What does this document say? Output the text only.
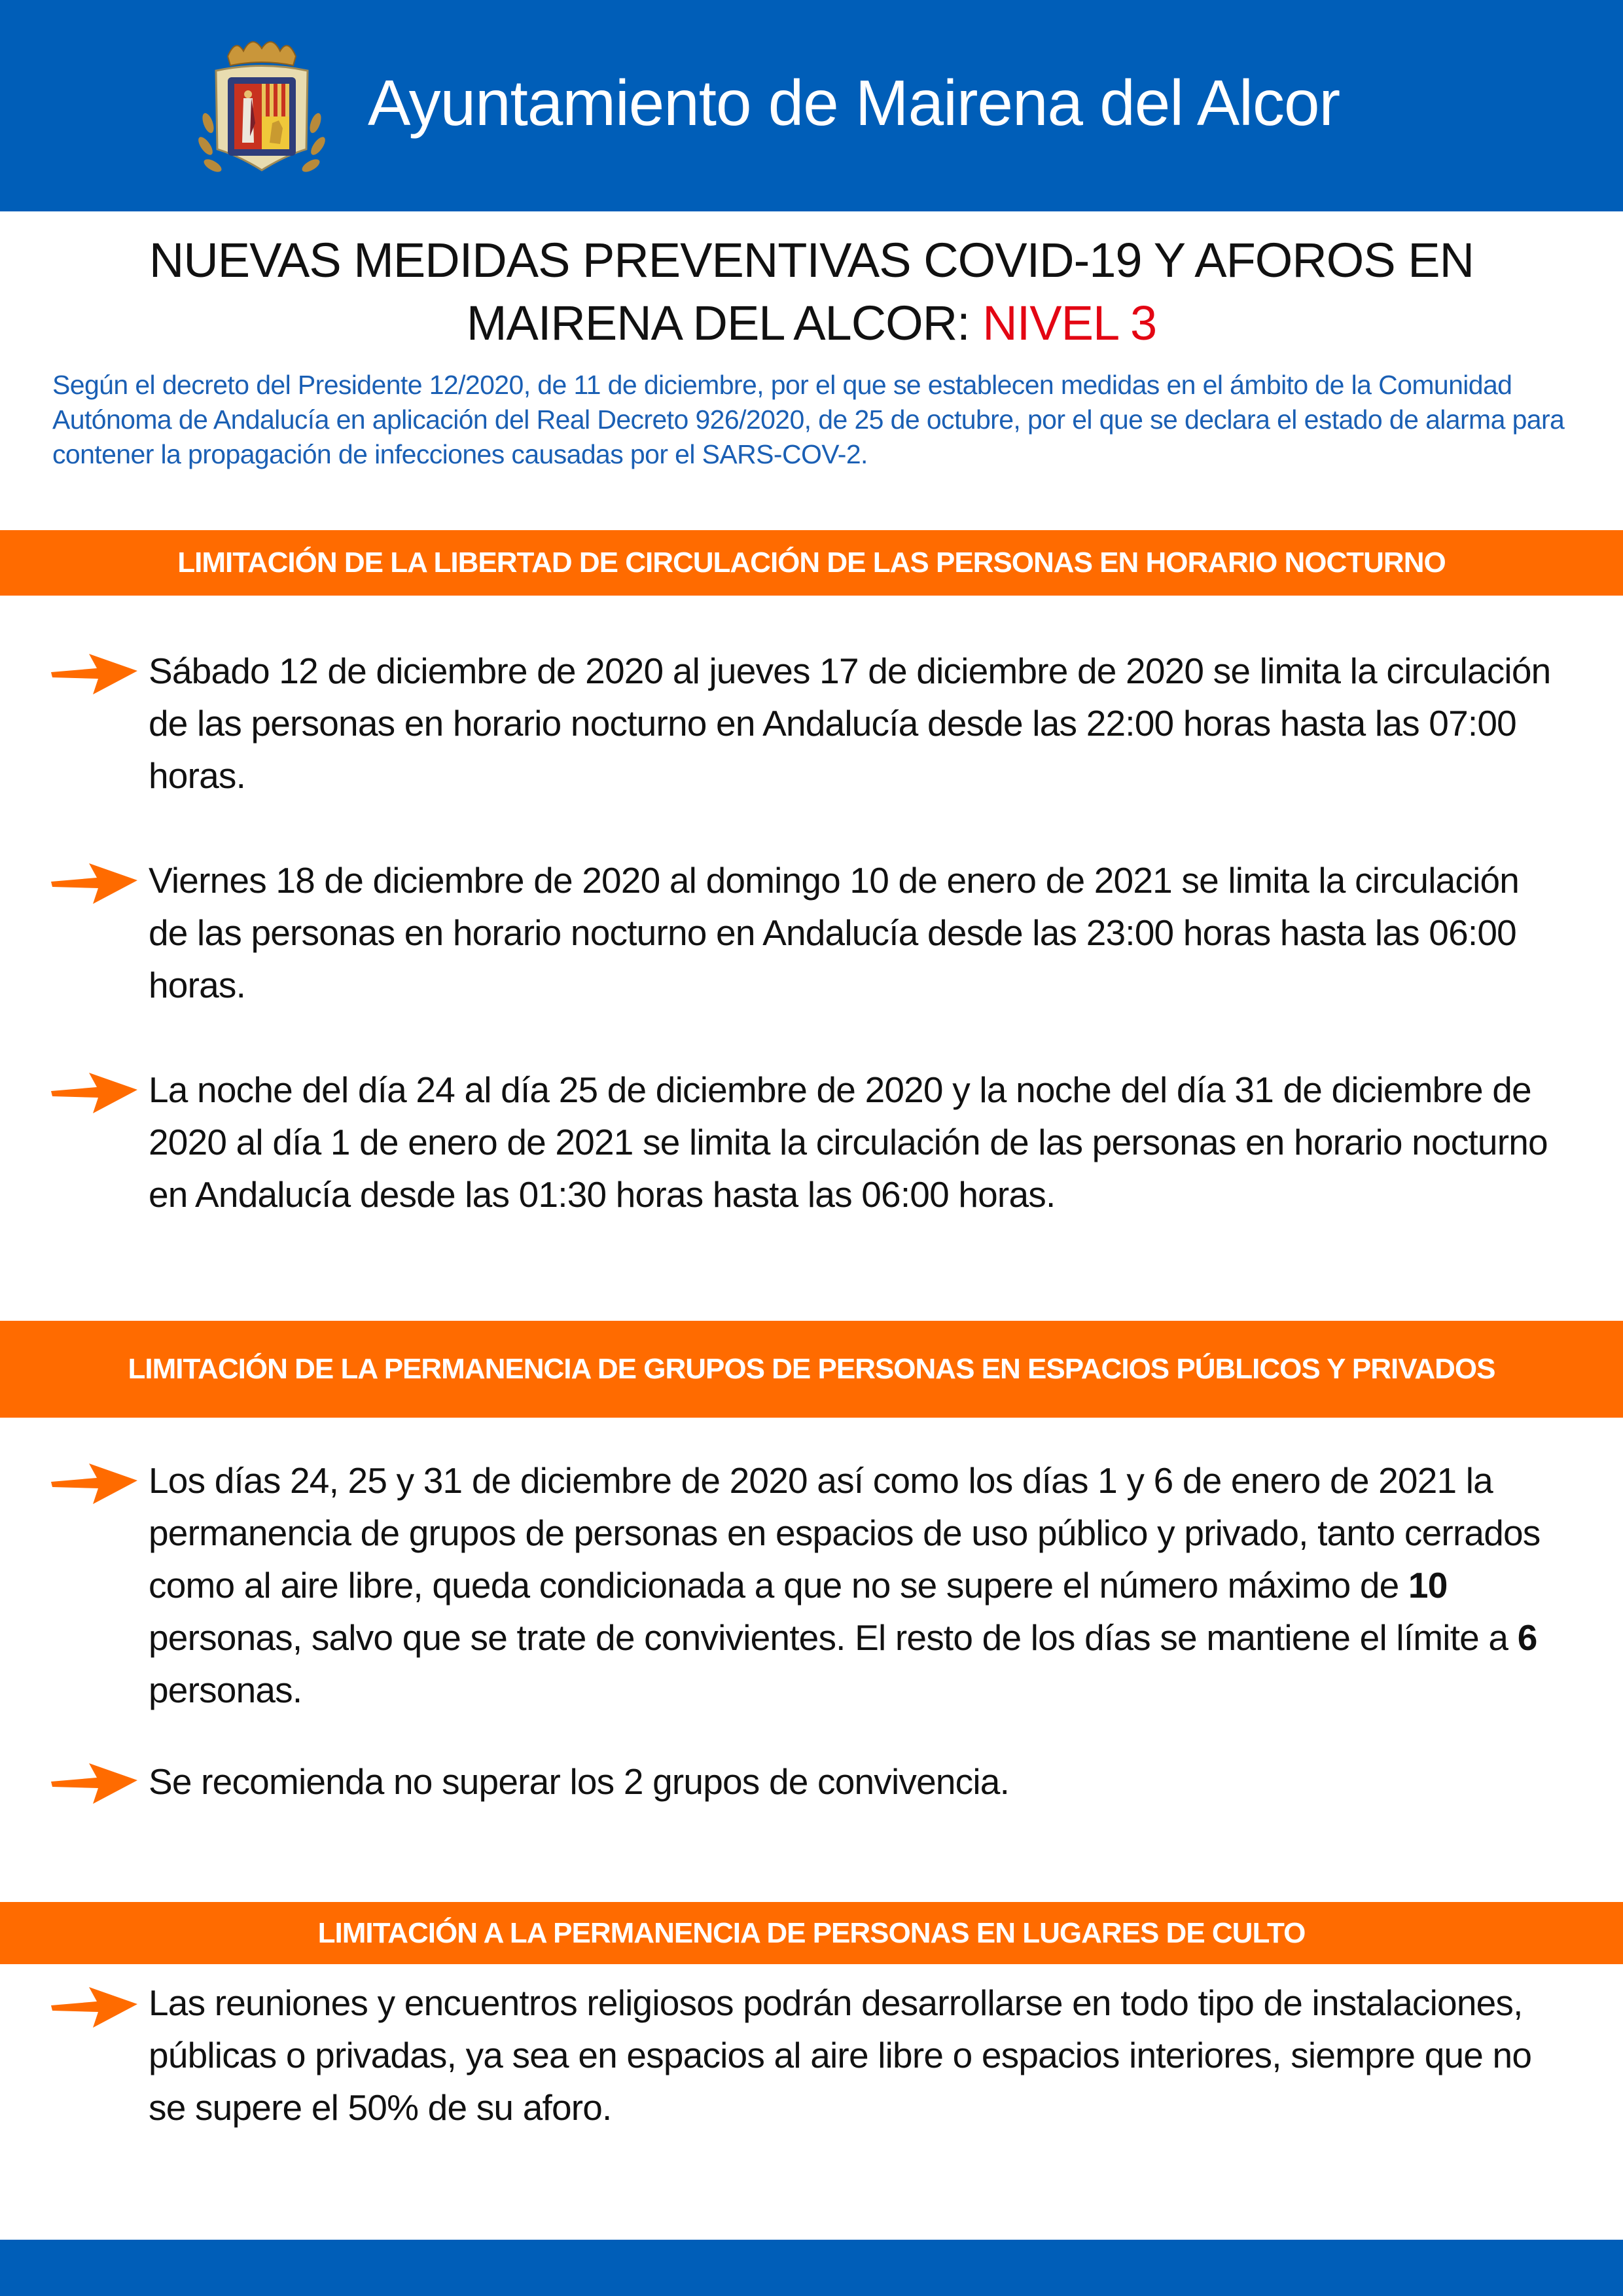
Ayuntamiento de Mairena del Alcor
NUEVAS MEDIDAS PREVENTIVAS COVID-19 Y AFOROS EN
MAIRENA DEL ALCOR: NIVEL 3
Según el decreto del Presidente 12/2020, de 11 de diciembre, por el que se establecen medidas en el ámbito de la Comunidad Autónoma de Andalucía en aplicación del Real Decreto 926/2020, de 25 de octubre, por el que se declara el estado de alarma para contener la propagación de infecciones causadas por el SARS-COV-2.
LIMITACIÓN DE LA LIBERTAD DE CIRCULACIÓN DE LAS PERSONAS EN HORARIO NOCTURNO
Sábado 12 de diciembre de 2020 al jueves 17 de diciembre de 2020 se limita la circulación de las personas en horario nocturno en Andalucía desde las 22:00 horas hasta las 07:00 horas.
Viernes 18 de diciembre de 2020 al domingo 10 de enero de 2021 se limita la circulación de las personas en horario nocturno en Andalucía desde las 23:00 horas hasta las 06:00 horas.
La noche del día 24 al día 25 de diciembre de 2020 y la noche del día 31 de diciembre de 2020 al día 1 de enero de 2021 se limita la circulación de las personas en horario nocturno en Andalucía desde las 01:30 horas hasta las 06:00 horas.
LIMITACIÓN DE LA PERMANENCIA DE GRUPOS DE PERSONAS EN ESPACIOS PÚBLICOS Y PRIVADOS
Los días 24, 25 y 31 de diciembre de 2020 así como los días 1 y 6 de enero de 2021 la permanencia de grupos de personas en espacios de uso público y privado, tanto cerrados como al aire libre, queda condicionada a que no se supere el número máximo de 10 personas, salvo que se trate de convivientes. El resto de los días se mantiene el límite a 6 personas.
Se recomienda no superar los 2 grupos de convivencia.
LIMITACIÓN A LA PERMANENCIA DE PERSONAS EN LUGARES DE CULTO
Las reuniones y encuentros religiosos podrán desarrollarse en todo tipo de instalaciones, públicas o privadas, ya sea en espacios al aire libre o espacios interiores, siempre que no se supere el 50% de su aforo.
